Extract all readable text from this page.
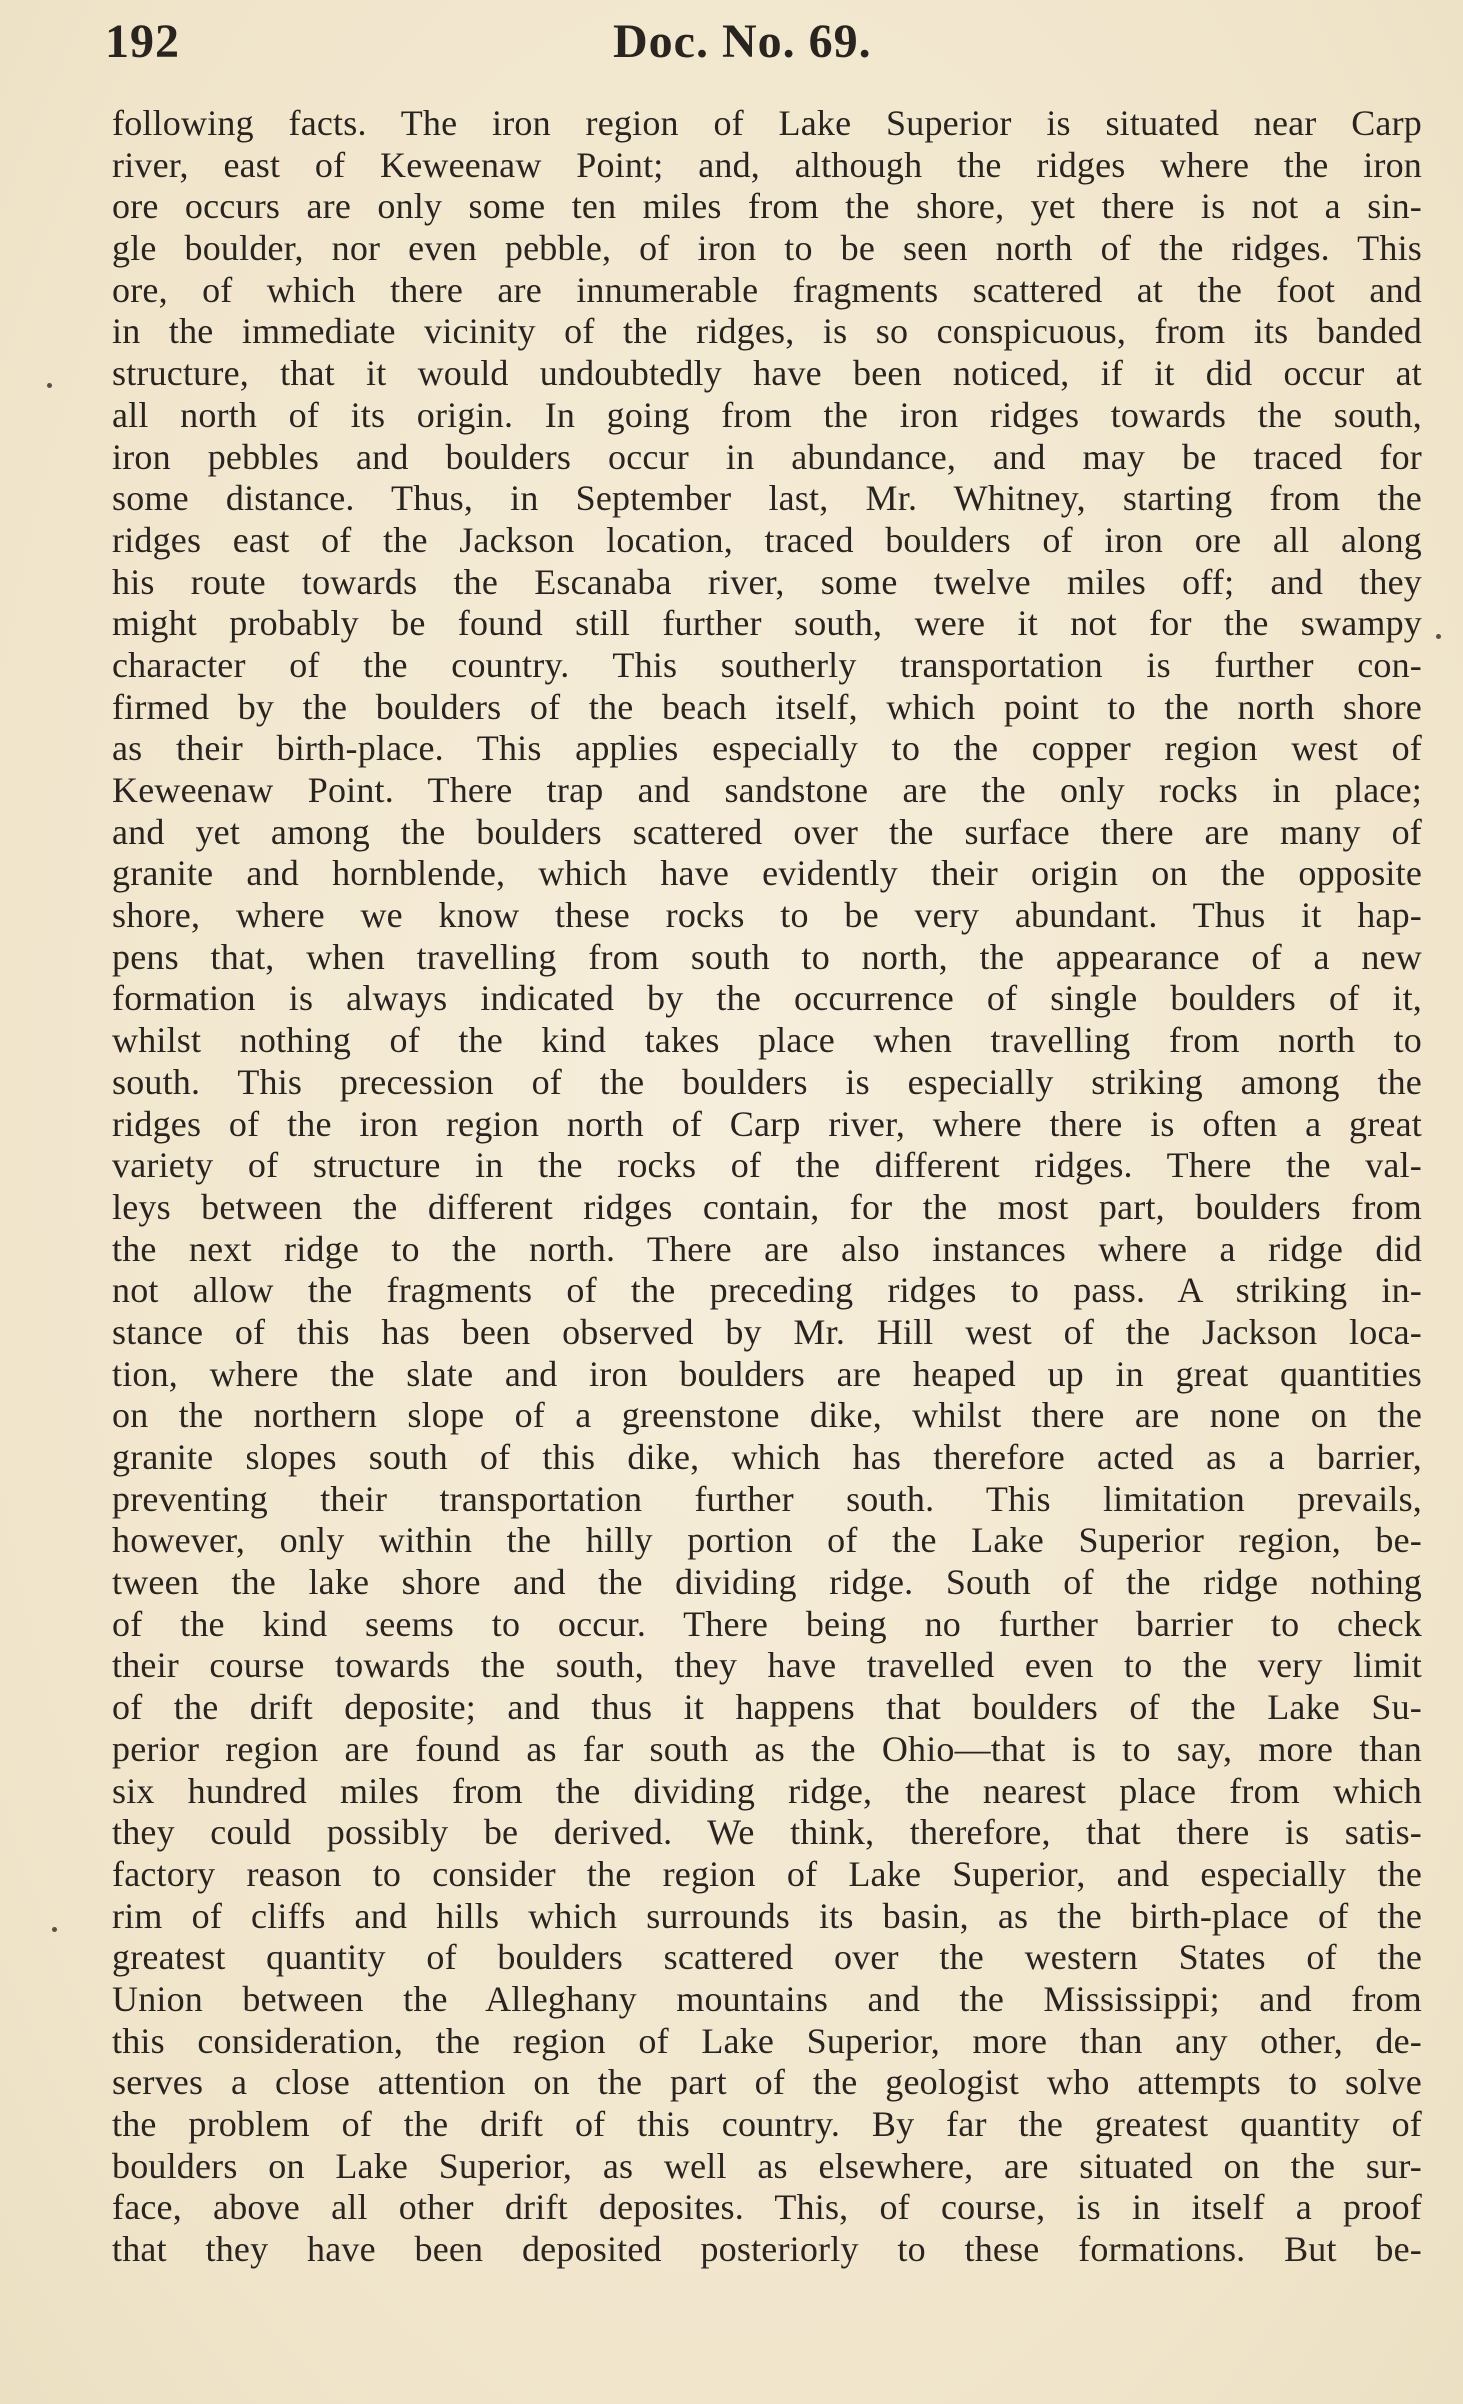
192	Doc. No. 69.
following facts. The iron region of Lake Superior is situated near Carp
river, east of Keweenaw Point; and, although the ridges where the iron
ore occurs are only some ten miles from the shore, yet there is not a sin-
gle boulder, nor even pebble, of iron to be seen north of the ridges. This
ore, of which there are innumerable fragments scattered at the foot and
in the immediate vicinity of the ridges, is so conspicuous, from its banded
structure, that it would undoubtedly have been noticed, if it did occur at
all north of its origin. In going from the iron ridges towards the south,
iron pebbles and boulders occur in abundance, and may be traced for
some distance. Thus, in September last, Mr. Whitney, starting from the
ridges east of the Jackson location, traced boulders of iron ore all along
his route towards the Escanaba river, some twelve miles off; and they
might probably be found still further south, were it not for the swampy
character of the country. This southerly transportation is further con-
firmed by the boulders of the beach itself, which point to the north shore
as their birth-place. This applies especially to the copper region west of
Keweenaw Point. There trap and sandstone are the only rocks in place;
and yet among the boulders scattered over the surface there are many of
granite and hornblende, which have evidently their origin on the opposite
shore, where we know these rocks to be very abundant. Thus it hap-
pens that, when travelling from south to north, the appearance of a new
formation is always indicated by the occurrence of single boulders of it,
whilst nothing of the kind takes place when travelling from north to
south. This precession of the boulders is especially striking among the
ridges of the iron region north of Carp river, where there is often a great
variety of structure in the rocks of the different ridges. There the val-
leys between the different ridges contain, for the most part, boulders from
the next ridge to the north. There are also instances where a ridge did
not allow the fragments of the preceding ridges to pass. A striking in-
stance of this has been observed by Mr. Hill west of the Jackson loca-
tion, where the slate and iron boulders are heaped up in great quantities
on the northern slope of a greenstone dike, whilst there are none on the
granite slopes south of this dike, which has therefore acted as a barrier,
preventing their transportation further south. This limitation prevails,
however, only within the hilly portion of the Lake Superior region, be-
tween the lake shore and the dividing ridge. South of the ridge nothing
of the kind seems to occur. There being no further barrier to check
their course towards the south, they have travelled even to the very limit
of the drift deposite; and thus it happens that boulders of the Lake Su-
perior region are found as far south as the Ohio—that is to say, more than
six hundred miles from the dividing ridge, the nearest place from which
they could possibly be derived. We think, therefore, that there is satis-
factory reason to consider the region of Lake Superior, and especially the
rim of cliffs and hills which surrounds its basin, as the birth-place of the
greatest quantity of boulders scattered over the western States of the
Union between the Alleghany mountains and the Mississippi; and from
this consideration, the region of Lake Superior, more than any other, de-
serves a close attention on the part of the geologist who attempts to solve
the problem of the drift of this country. By far the greatest quantity of
boulders on Lake Superior, as well as elsewhere, are situated on the sur-
face, above all other drift deposites. This, of course, is in itself a proof
that they have been deposited posteriorly to these formations. But be-
